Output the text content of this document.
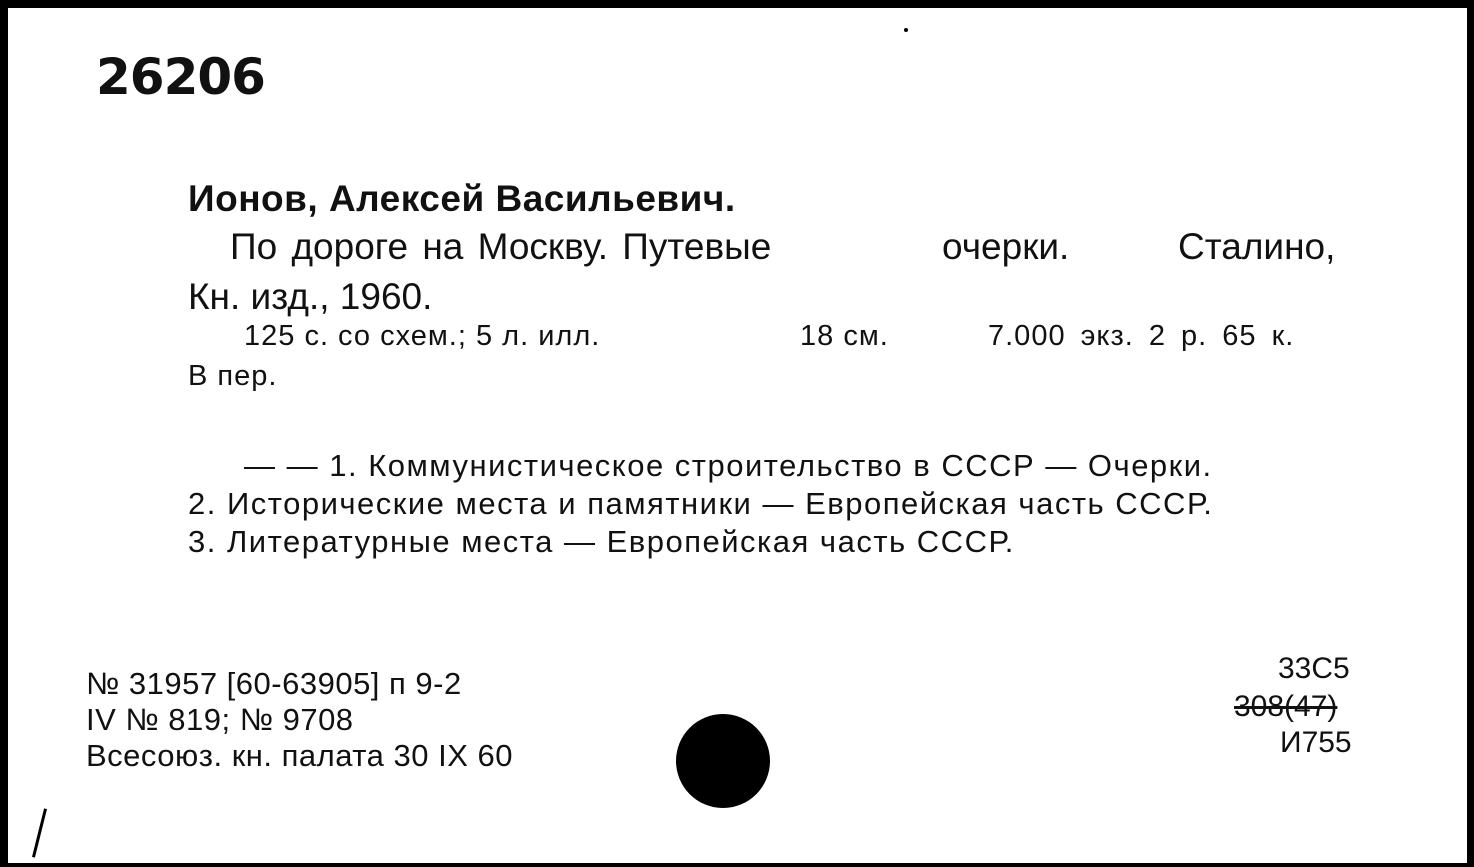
26206

Ионов, Алексей Васильевич.

По дороге на Москву. Путевые	очерки.	Сталино,

Кн. изд., 1960.

125 с. со схем.; 5 л. илл.	18 см.	7.000 экз. 2 р. 65 к.

В пер.

— — 1. Коммунистическое строительство в СССР — Очерки.

2. Исторические места и памятники — Европейская часть СССР.

3. Литературные места — Европейская часть СССР.

№ 31957 [60-63905] п 9-2

IV № 819; № 9708

Всесоюз. кн. палата 30 IX 60

33С5

308(47)

И755
